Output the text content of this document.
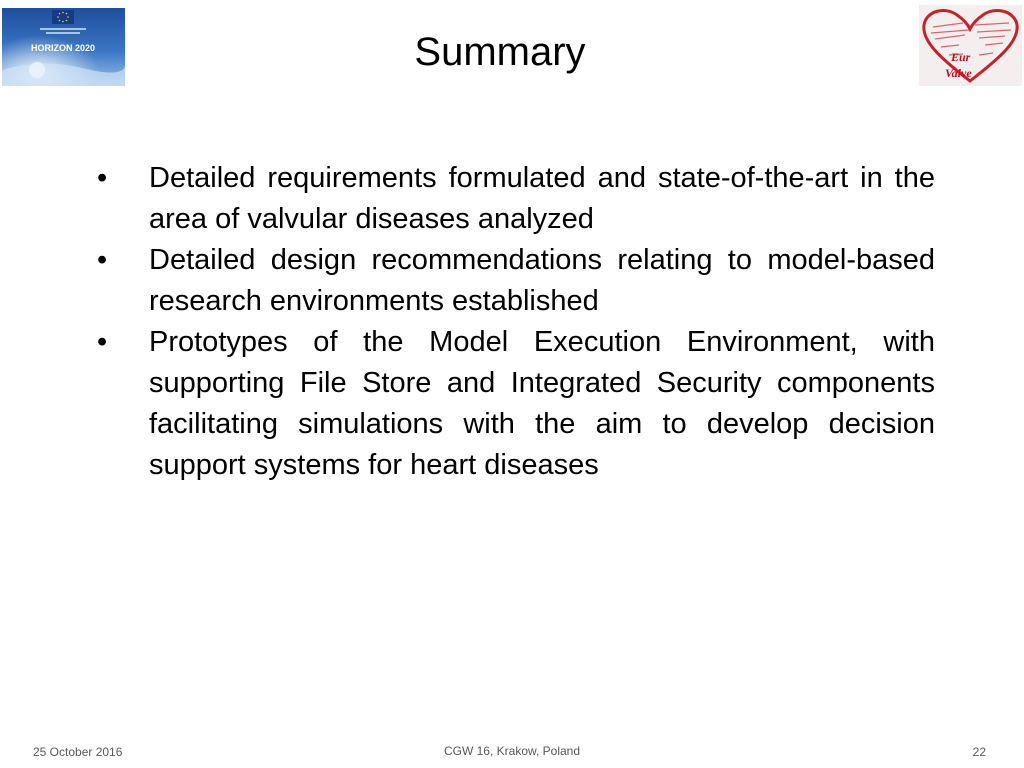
HORIZON 2020	Summary	Eur
Valve
•	Detailed requirements formulated and state-of-the-art in the area of valvular diseases analyzed
•	Detailed design recommendations relating to model-based research environments established
•	Prototypes of the Model Execution Environment, with supporting File Store and Integrated Security components facilitating simulations with the aim to develop decision support systems for heart diseases
25 October 2016	CGW 16, Krakow, Poland	22
